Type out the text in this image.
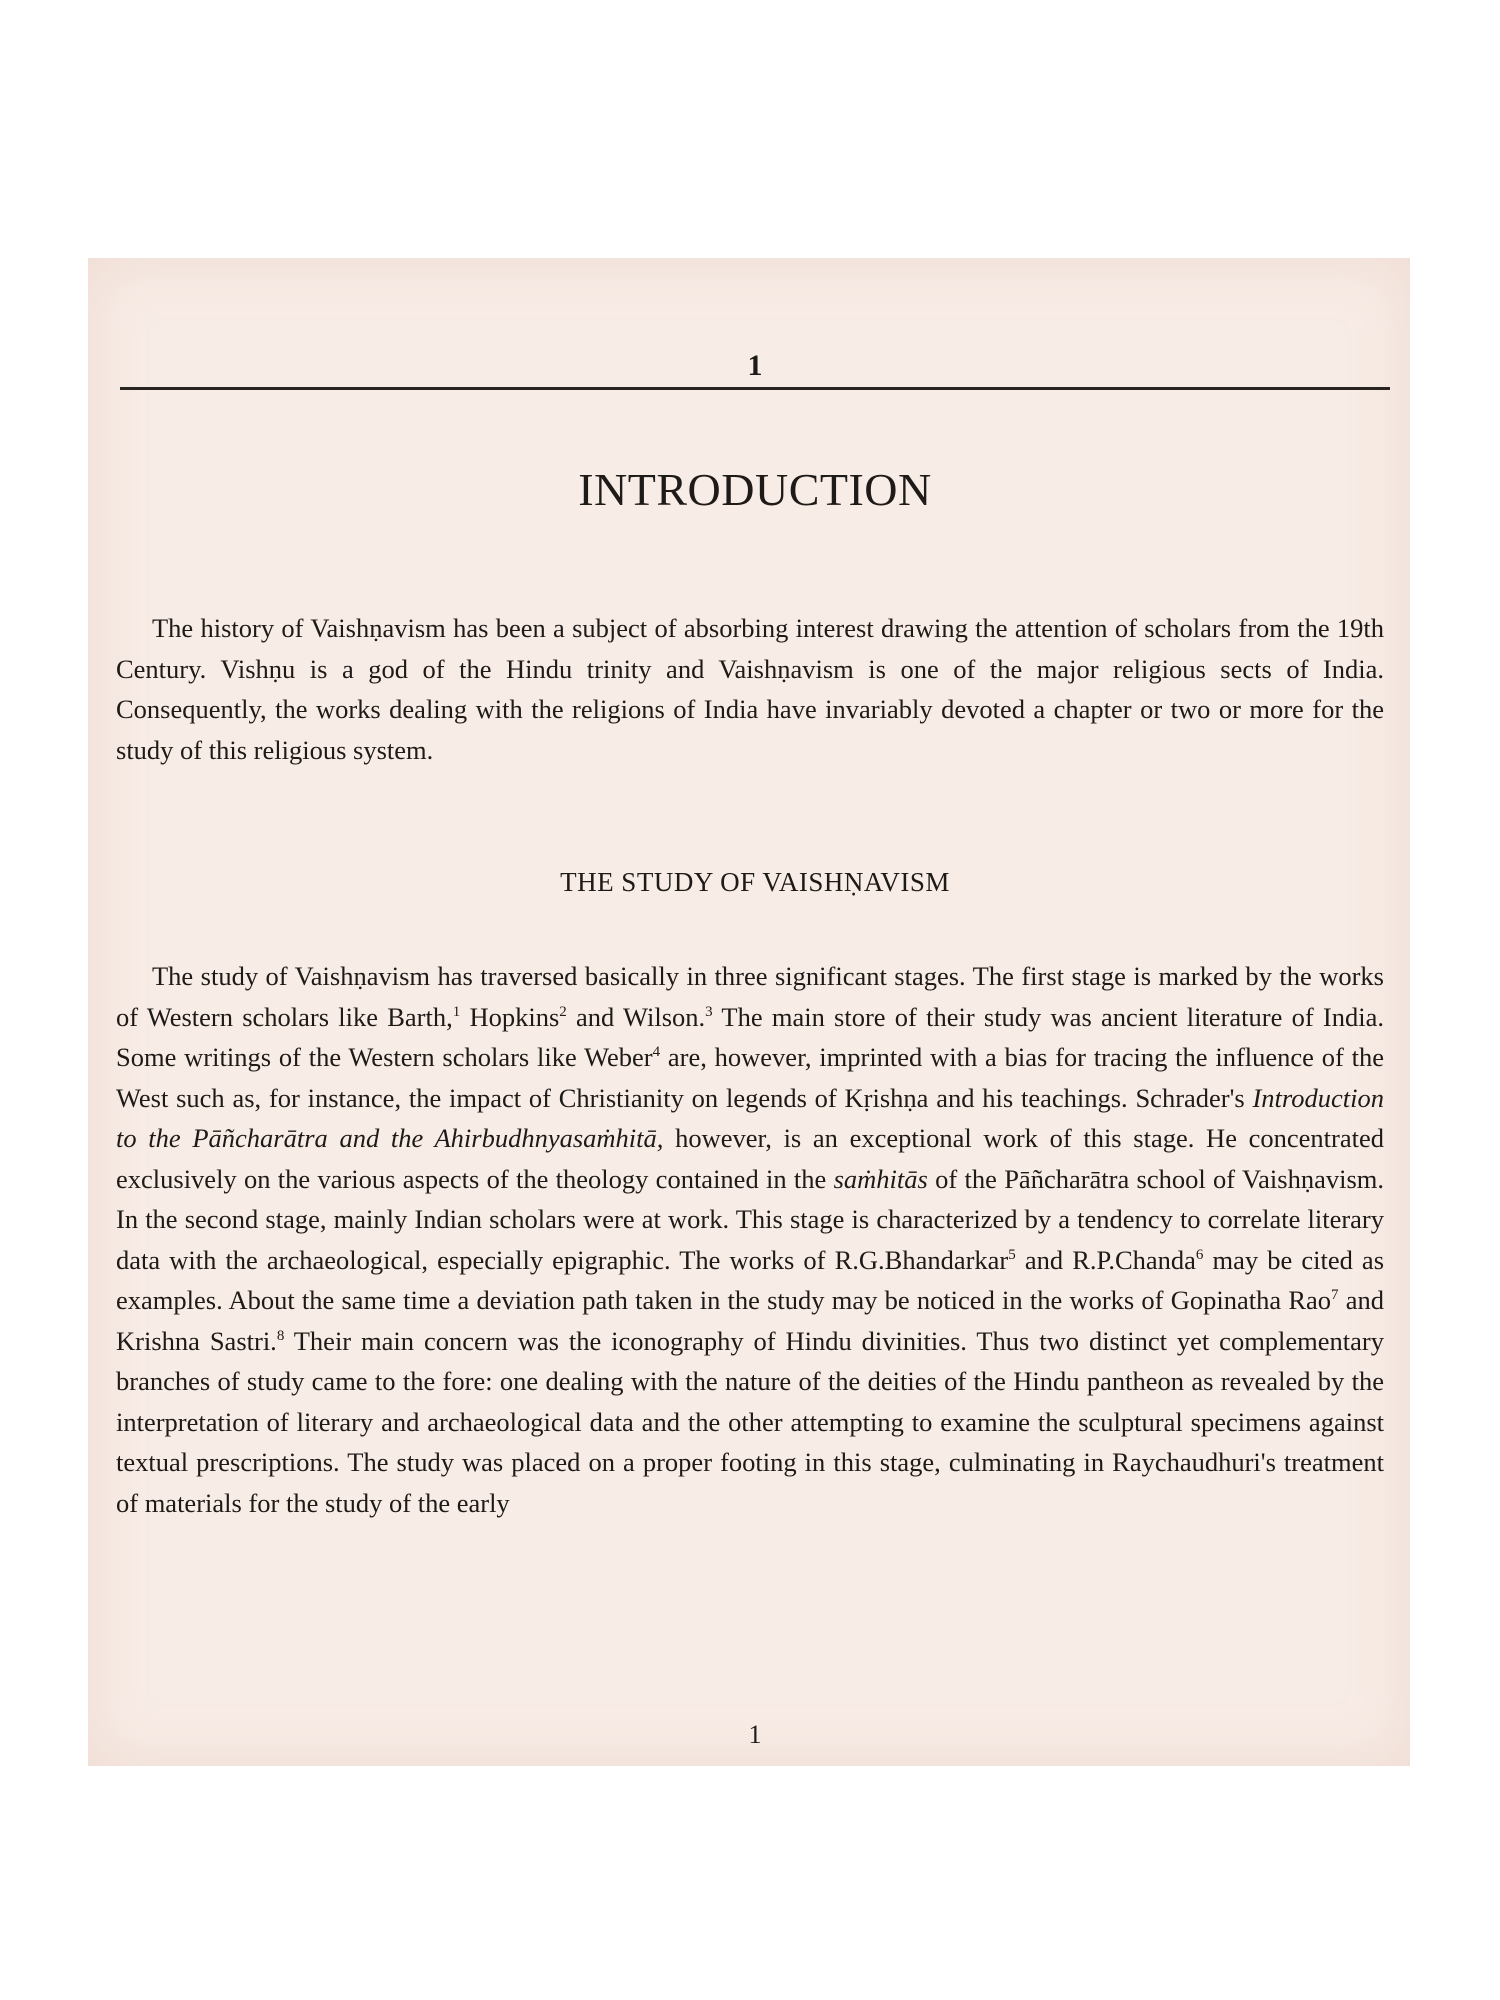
1
INTRODUCTION

The history of Vaishṇavism has been a subject of absorbing interest drawing the attention of scholars from the 19th Century. Vishṇu is a god of the Hindu trinity and Vaishṇavism is one of the major religious sects of India. Consequently, the works dealing with the religions of India have invariably devoted a chapter or two or more for the study of this religious system.

THE STUDY OF VAISHṆAVISM

The study of Vaishṇavism has traversed basically in three significant stages. The first stage is marked by the works of Western scholars like Barth,$^1$ Hopkins$^2$ and Wilson.$^3$ The main store of their study was ancient literature of India. Some writings of the Western scholars like Weber$^4$ are, however, imprinted with a bias for tracing the influence of the West such as, for instance, the impact of Christianity on legends of Kṛishṇa and his teachings. Schrader's Introduction to the Pāñcharātra and the Ahirbudhnyasaṁhitā, however, is an exceptional work of this stage. He concentrated exclusively on the various aspects of the theology contained in the saṁhitās of the Pāñcharātra school of Vaishṇavism. In the second stage, mainly Indian scholars were at work. This stage is characterized by a tendency to correlate literary data with the archaeological, especially epigraphic. The works of R.G.Bhandarkar$^5$ and R.P.Chanda$^6$ may be cited as examples. About the same time a deviation path taken in the study may be noticed in the works of Gopinatha Rao$^7$ and Krishna Sastri.$^8$ Their main concern was the iconography of Hindu divinities. Thus two distinct yet complementary branches of study came to the fore: one dealing with the nature of the deities of the Hindu pantheon as revealed by the interpretation of literary and archaeological data and the other attempting to examine the sculptural specimens against textual prescriptions. The study was placed on a proper footing in this stage, culminating in Raychaudhuri's treatment of materials for the study of the early

1
